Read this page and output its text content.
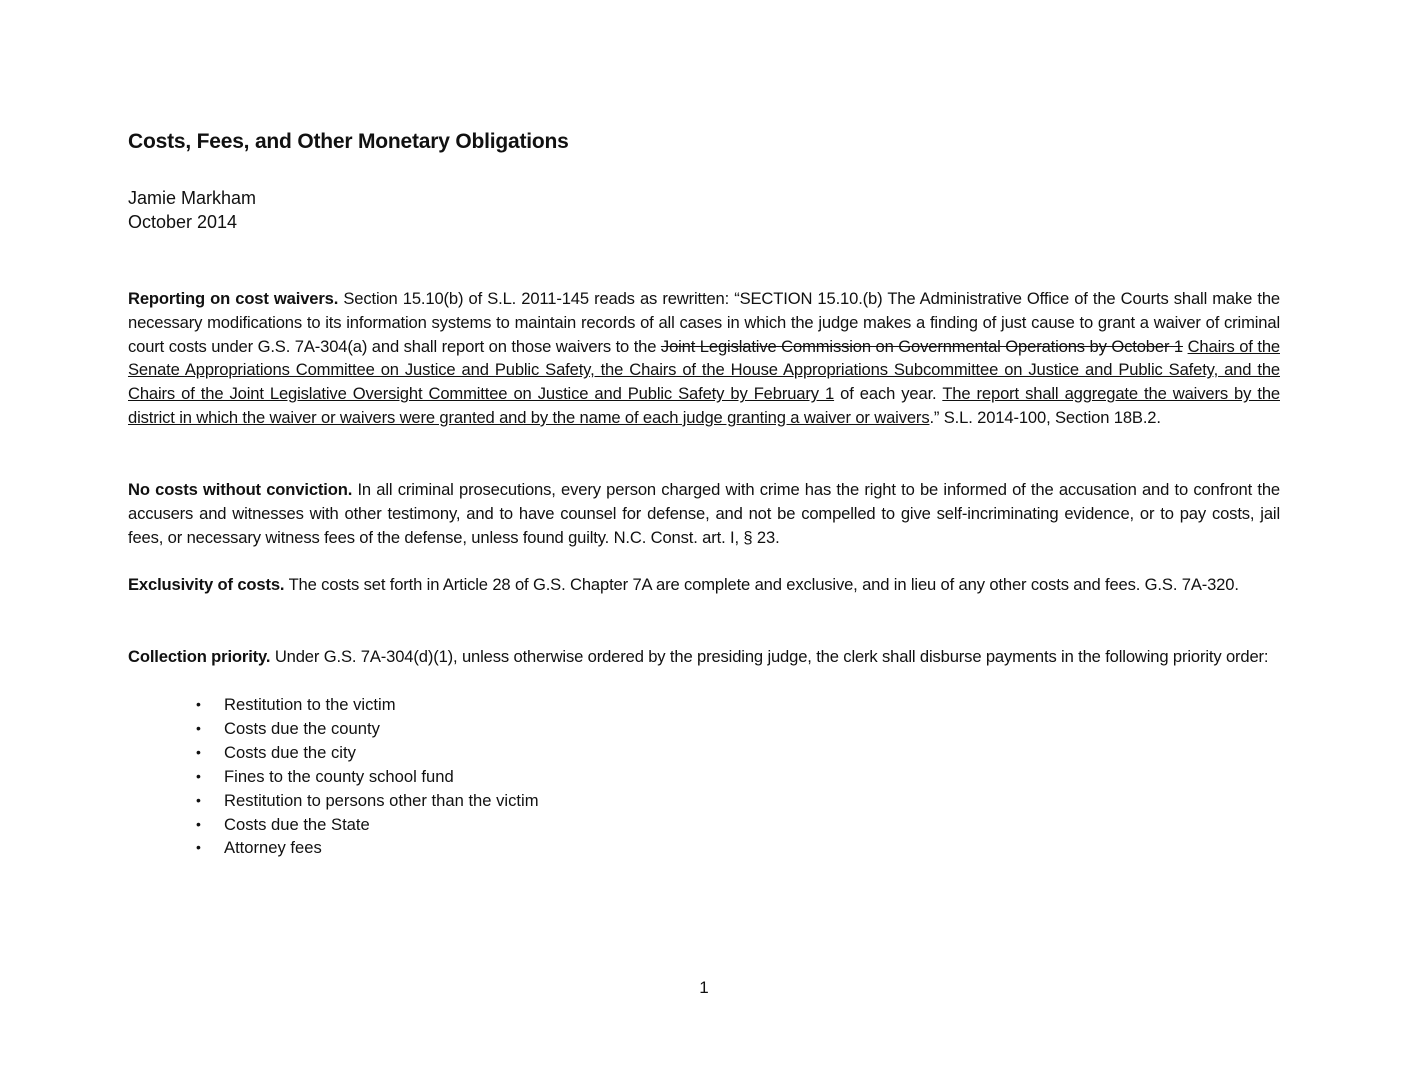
Costs, Fees, and Other Monetary Obligations
Jamie Markham
October 2014
Reporting on cost waivers. Section 15.10(b) of S.L. 2011-145 reads as rewritten: “SECTION 15.10.(b) The Administrative Office of the Courts shall make the necessary modifications to its information systems to maintain records of all cases in which the judge makes a finding of just cause to grant a waiver of criminal court costs under G.S. 7A-304(a) and shall report on those waivers to the Joint Legislative Commission on Governmental Operations by October 1 Chairs of the Senate Appropriations Committee on Justice and Public Safety, the Chairs of the House Appropriations Subcommittee on Justice and Public Safety, and the Chairs of the Joint Legislative Oversight Committee on Justice and Public Safety by February 1 of each year. The report shall aggregate the waivers by the district in which the waiver or waivers were granted and by the name of each judge granting a waiver or waivers.” S.L. 2014-100, Section 18B.2.
No costs without conviction. In all criminal prosecutions, every person charged with crime has the right to be informed of the accusation and to confront the accusers and witnesses with other testimony, and to have counsel for defense, and not be compelled to give self-incriminating evidence, or to pay costs, jail fees, or necessary witness fees of the defense, unless found guilty. N.C. Const. art. I, § 23.
Exclusivity of costs. The costs set forth in Article 28 of G.S. Chapter 7A are complete and exclusive, and in lieu of any other costs and fees. G.S. 7A-320.
Collection priority. Under G.S. 7A-304(d)(1), unless otherwise ordered by the presiding judge, the clerk shall disburse payments in the following priority order:
• Restitution to the victim
• Costs due the county
• Costs due the city
• Fines to the county school fund
• Restitution to persons other than the victim
• Costs due the State
• Attorney fees
1
